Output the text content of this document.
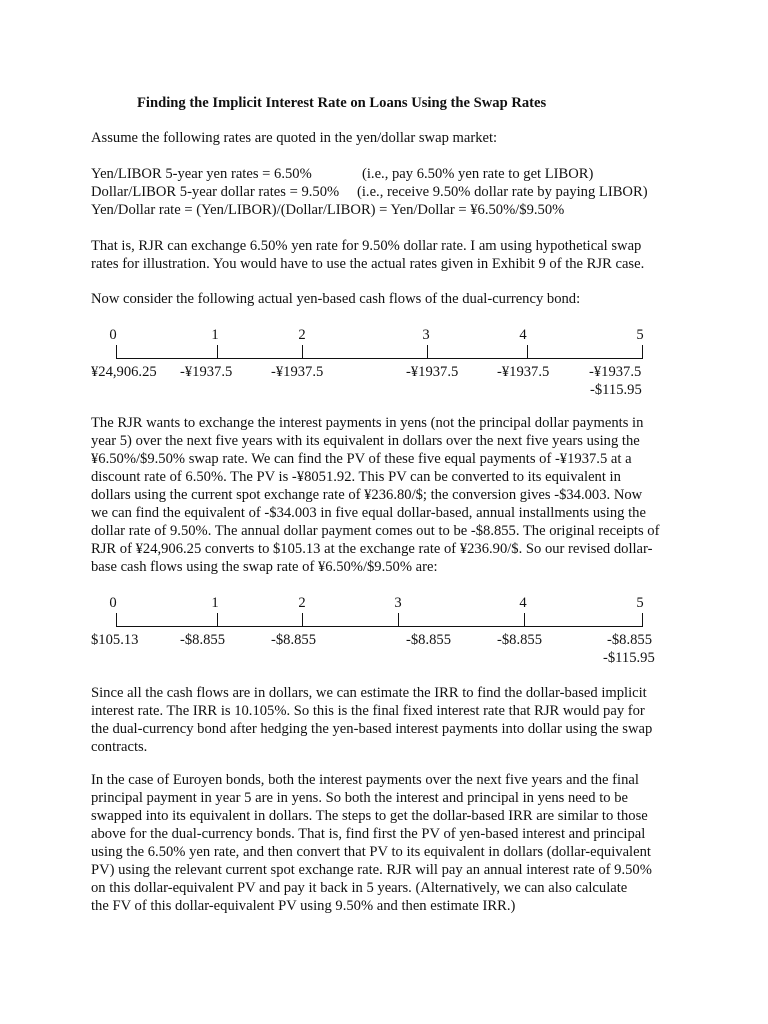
Finding the Implicit Interest Rate on Loans Using the Swap Rates

Assume the following rates are quoted in the yen/dollar swap market:

Yen/LIBOR 5-year yen rates = 6.50%	(i.e., pay 6.50% yen rate to get LIBOR)
Dollar/LIBOR 5-year dollar rates = 9.50% (i.e., receive 9.50% dollar rate by paying LIBOR)
Yen/Dollar rate = (Yen/LIBOR)/(Dollar/LIBOR) = Yen/Dollar = ¥6.50%/$9.50%
That is, RJR can exchange 6.50% yen rate for 9.50% dollar rate. I am using hypothetical swap
rates for illustration. You would have to use the actual rates given in Exhibit 9 of the RJR case.

Now consider the following actual yen-based cash flows of the dual-currency bond:

0
¥24,906.25
1
-¥1937.5
2
-¥1937.5
3
-¥1937.5
4
-¥1937.5
5
-¥1937.5
-$115.95
The RJR wants to exchange the interest payments in yens (not the principal dollar payments in
year 5) over the next five years with its equivalent in dollars over the next five years using the
¥6.50%/$9.50% swap rate. We can find the PV of these five equal payments of -¥1937.5 at a
discount rate of 6.50%. The PV is -¥8051.92. This PV can be converted to its equivalent in
dollars using the current spot exchange rate of ¥236.80/$; the conversion gives -$34.003. Now
we can find the equivalent of -$34.003 in five equal dollar-based, annual installments using the
dollar rate of 9.50%. The annual dollar payment comes out to be -$8.855. The original receipts of
RJR of ¥24,906.25 converts to $105.13 at the exchange rate of ¥236.90/$. So our revised dollar-
base cash flows using the swap rate of ¥6.50%/$9.50% are:
0
$105.13
1
-$8.855
2
-$8.855
3
-$8.855
4
-$8.855
5
-$8.855
-$115.95
Since all the cash flows are in dollars, we can estimate the IRR to find the dollar-based implicit
interest rate. The IRR is 10.105%. So this is the final fixed interest rate that RJR would pay for
the dual-currency bond after hedging the yen-based interest payments into dollar using the swap
contracts.
In the case of Euroyen bonds, both the interest payments over the next five years and the final
principal payment in year 5 are in yens. So both the interest and principal in yens need to be
swapped into its equivalent in dollars. The steps to get the dollar-based IRR are similar to those
above for the dual-currency bonds. That is, find first the PV of yen-based interest and principal
using the 6.50% yen rate, and then convert that PV to its equivalent in dollars (dollar-equivalent
PV) using the relevant current spot exchange rate. RJR will pay an annual interest rate of 9.50%
on this dollar-equivalent PV and pay it back in 5 years. (Alternatively, we can also calculate
the FV of this dollar-equivalent PV using 9.50% and then estimate IRR.)
